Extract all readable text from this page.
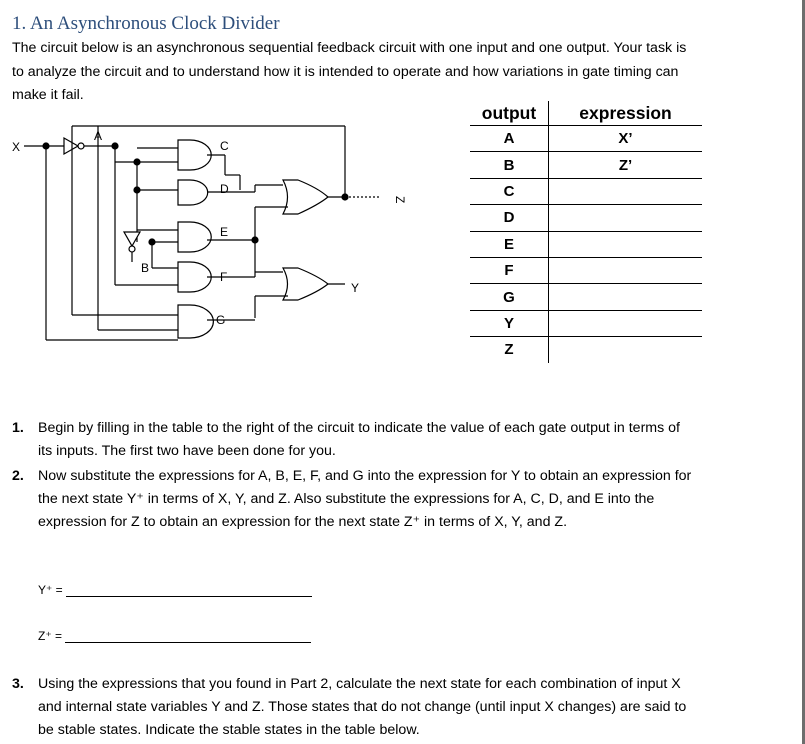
1. An Asynchronous Clock Divider
The circuit below is an asynchronous sequential feedback circuit with one input and one output. Your task is to analyze the circuit and to understand how it is intended to operate and how variations in gate timing can make it fail.
X
A
C
D
Z
E
B
F
Y
G
output	expression
A	X’
B	Z’
C	
D	
E	
F	
G	
Y	
Z	
1. Begin by filling in the table to the right of the circuit to indicate the value of each gate output in terms of its inputs. The first two have been done for you.
2. Now substitute the expressions for A, B, E, F, and G into the expression for Y to obtain an expression for the next state Y⁺ in terms of X, Y, and Z. Also substitute the expressions for A, C, D, and E into the expression for Z to obtain an expression for the next state Z⁺ in terms of X, Y, and Z.
Y⁺ =
Z⁺ =
3. Using the expressions that you found in Part 2, calculate the next state for each combination of input X and internal state variables Y and Z. Those states that do not change (until input X changes) are said to be stable states. Indicate the stable states in the table below.
